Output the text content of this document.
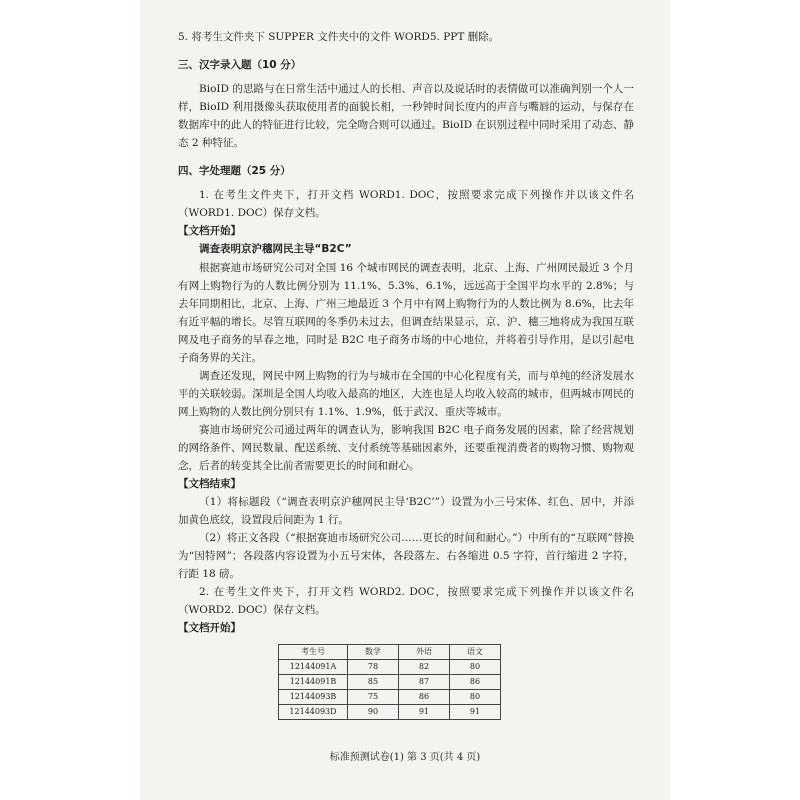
5. 将考生文件夹下 SUPPER 文件夹中的文件 WORD5. PPT 删除。

三、汉字录入题（10 分）

BioID 的思路与在日常生活中通过人的长相、声音以及说话时的表情做可以准确判别一个人一样，BioID 利用摄像头获取使用者的面貌长相，一秒钟时间长度内的声音与嘴唇的运动，与保存在数据库中的此人的特征进行比较，完全吻合则可以通过。BioID 在识别过程中同时采用了动态、静态 2 种特征。

四、字处理题（25 分）

1. 在考生文件夹下，打开文档 WORD1. DOC，按照要求完成下列操作并以该文件名（WORD1. DOC）保存文档。

【文档开始】

调查表明京沪穗网民主导“B2C”

根据赛迪市场研究公司对全国 16 个城市网民的调查表明，北京、上海、广州网民最近 3 个月有网上购物行为的人数比例分别为 11.1%、5.3%、6.1%，远远高于全国平均水平的 2.8%；与去年同期相比，北京、上海、广州三地最近 3 个月中有网上购物行为的人数比例为 8.6%，比去年有近平幅的增长。尽管互联网的冬季仍未过去，但调查结果显示，京、沪、穗三地将成为我国互联网及电子商务的早春之地，同时是 B2C 电子商务市场的中心地位，并将着引导作用，是以引起电子商务界的关注。

调查还发现，网民中网上购物的行为与城市在全国的中心化程度有关，而与单纯的经济发展水平的关联较弱。深圳是全国人均收入最高的地区，大连也是人均收入较高的城市，但两城市网民的网上购物的人数比例分别只有 1.1%、1.9%，低于武汉、重庆等城市。

赛迪市场研究公司通过两年的调查认为，影响我国 B2C 电子商务发展的因素，除了经营规划的网络条件、网民数量、配送系统、支付系统等基础因素外，还要重视消费者的购物习惯、购物观念，后者的转变其全比前者需要更长的时间和耐心。

【文档结束】

（1）将标题段（“调查表明京沪穗网民主导‘B2C’”）设置为小三号宋体、红色、居中，并添加黄色底纹，设置段后间距为 1 行。

（2）将正文各段（“根据赛迪市场研究公司……更长的时间和耐心。”）中所有的“互联网”替换为“因特网”；各段落内容设置为小五号宋体，各段落左、右各缩进 0.5 字符，首行缩进 2 字符，行距 18 磅。

2. 在考生文件夹下，打开文档 WORD2. DOC，按照要求完成下列操作并以该文件名（WORD2. DOC）保存文档。

【文档开始】

考生号	数学	外语	语文
12144091A	78	82	80
12144091B	85	87	86
12144093B	75	86	80
12144093D	90	91	91
标准预测试卷(1) 第 3 页(共 4 页)
